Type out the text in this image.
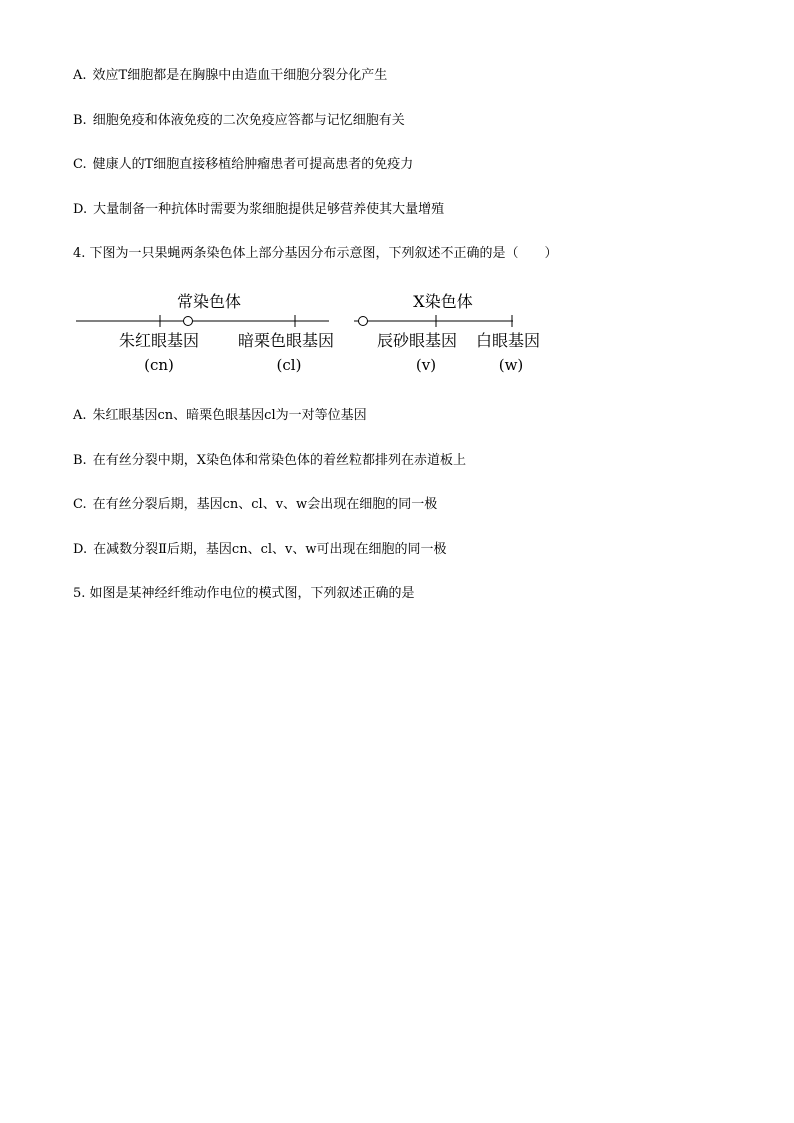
A. 效应T细胞都是在胸腺中由造血干细胞分裂分化产生
B. 细胞免疫和体液免疫的二次免疫应答都与记忆细胞有关
C. 健康人的T细胞直接移植给肿瘤患者可提高患者的免疫力
D. 大量制备一种抗体时需要为浆细胞提供足够营养使其大量增殖
4. 下图为一只果蝇两条染色体上部分基因分布示意图，下列叙述不正确的是（　　）
常染色体	X染色体
朱红眼基因 暗栗色眼基因	辰砂眼基因 白眼基因
(cn)	(cl)	(v)	(w)
A. 朱红眼基因cn、暗栗色眼基因cl为一对等位基因
B. 在有丝分裂中期，X染色体和常染色体的着丝粒都排列在赤道板上
C. 在有丝分裂后期，基因cn、cl、v、w会出现在细胞的同一极
D. 在减数分裂Ⅱ后期，基因cn、cl、v、w可出现在细胞的同一极
5. 如图是某神经纤维动作电位的模式图，下列叙述正确的是
